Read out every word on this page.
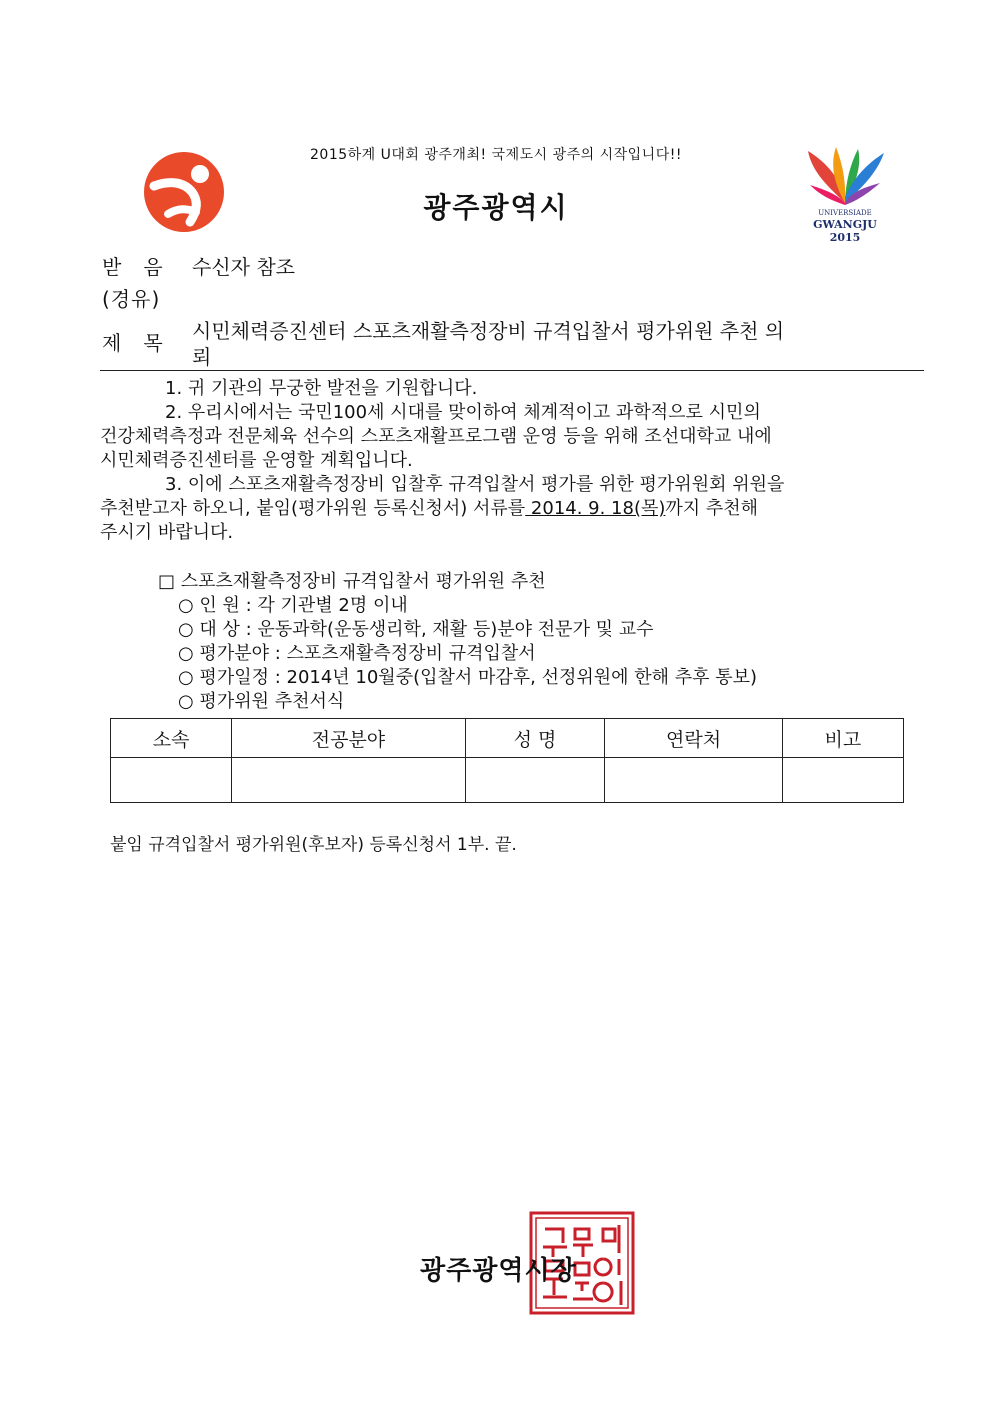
2015하계 U대회 광주개최! 국제도시 광주의 시작입니다!!
광주광역시	UNIVERSIADE
GWANGJU 2015
받음 수신자 참조
(경유)
제목 시민체력증진센터 스포츠재활측정장비 규격입찰서 평가위원 추천 의
뢰

1. 귀 기관의 무궁한 발전을 기원합니다.

2. 우리시에서는 국민100세 시대를 맞이하여 체계적이고 과학적으로 시민의

건강체력측정과 전문체육 선수의 스포츠재활프로그램 운영 등을 위해 조선대학교 내에

시민체력증진센터를 운영할 계획입니다.

3. 이에 스포츠재활측정장비 입찰후 규격입찰서 평가를 위한 평가위원회 위원을

추천받고자 하오니, 붙임(평가위원 등록신청서) 서류를 2014. 9. 18(목)까지 추천해

주시기 바랍니다.

□ 스포츠재활측정장비 규격입찰서 평가위원 추천
○ 인 원 : 각 기관별 2명 이내
○ 대 상 : 운동과학(운동생리학, 재활 등)분야 전문가 및 교수
○ 평가분야 : 스포츠재활측정장비 규격입찰서
○ 평가일정 : 2014년 10월중(입찰서 마감후, 선정위원에 한해 추후 통보)
○ 평가위원 추천서식
소속	전공분야	성 명	연락처	비고

붙임 규격입찰서 평가위원(후보자) 등록신청서 1부. 끝.
광주광역시장
